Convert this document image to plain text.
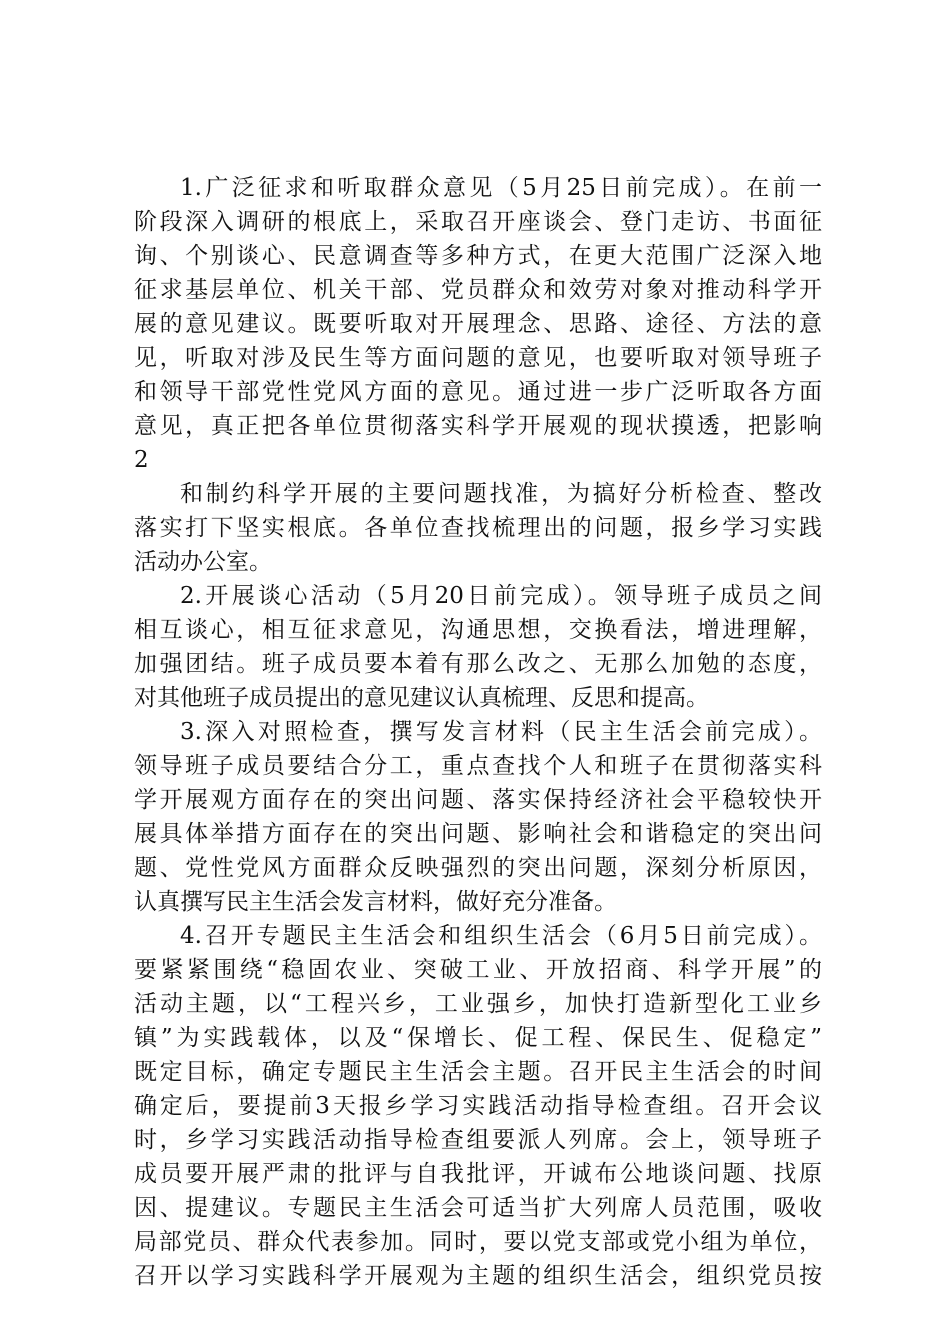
1.广泛征求和听取群众意见（5月25日前完成）。在前一
阶段深入调研的根底上，采取召开座谈会、登门走访、书面征
询、个别谈心、民意调查等多种方式，在更大范围广泛深入地
征求基层单位、机关干部、党员群众和效劳对象对推动科学开
展的意见建议。既要听取对开展理念、思路、途径、方法的意
见，听取对涉及民生等方面问题的意见，也要听取对领导班子
和领导干部党性党风方面的意见。通过进一步广泛听取各方面
意见，真正把各单位贯彻落实科学开展观的现状摸透，把影响
2
和制约科学开展的主要问题找准，为搞好分析检查、整改
落实打下坚实根底。各单位查找梳理出的问题，报乡学习实践
活动办公室。
2.开展谈心活动（5月20日前完成）。领导班子成员之间
相互谈心，相互征求意见，沟通思想，交换看法，增进理解，
加强团结。班子成员要本着有那么改之、无那么加勉的态度，
对其他班子成员提出的意见建议认真梳理、反思和提高。
3.深入对照检查，撰写发言材料（民主生活会前完成）。
领导班子成员要结合分工，重点查找个人和班子在贯彻落实科
学开展观方面存在的突出问题、落实保持经济社会平稳较快开
展具体举措方面存在的突出问题、影响社会和谐稳定的突出问
题、党性党风方面群众反映强烈的突出问题，深刻分析原因，
认真撰写民主生活会发言材料，做好充分准备。
4.召开专题民主生活会和组织生活会（6月5日前完成）。
要紧紧围绕“稳固农业、突破工业、开放招商、科学开展”的
活动主题，以“工程兴乡，工业强乡，加快打造新型化工业乡
镇”为实践载体，以及“保增长、促工程、保民生、促稳定”
既定目标，确定专题民主生活会主题。召开民主生活会的时间
确定后，要提前3天报乡学习实践活动指导检查组。召开会议
时，乡学习实践活动指导检查组要派人列席。会上，领导班子
成员要开展严肃的批评与自我批评，开诚布公地谈问题、找原
因、提建议。专题民主生活会可适当扩大列席人员范围，吸收
局部党员、群众代表参加。同时，要以党支部或党小组为单位，
召开以学习实践科学开展观为主题的组织生活会，组织党员按
